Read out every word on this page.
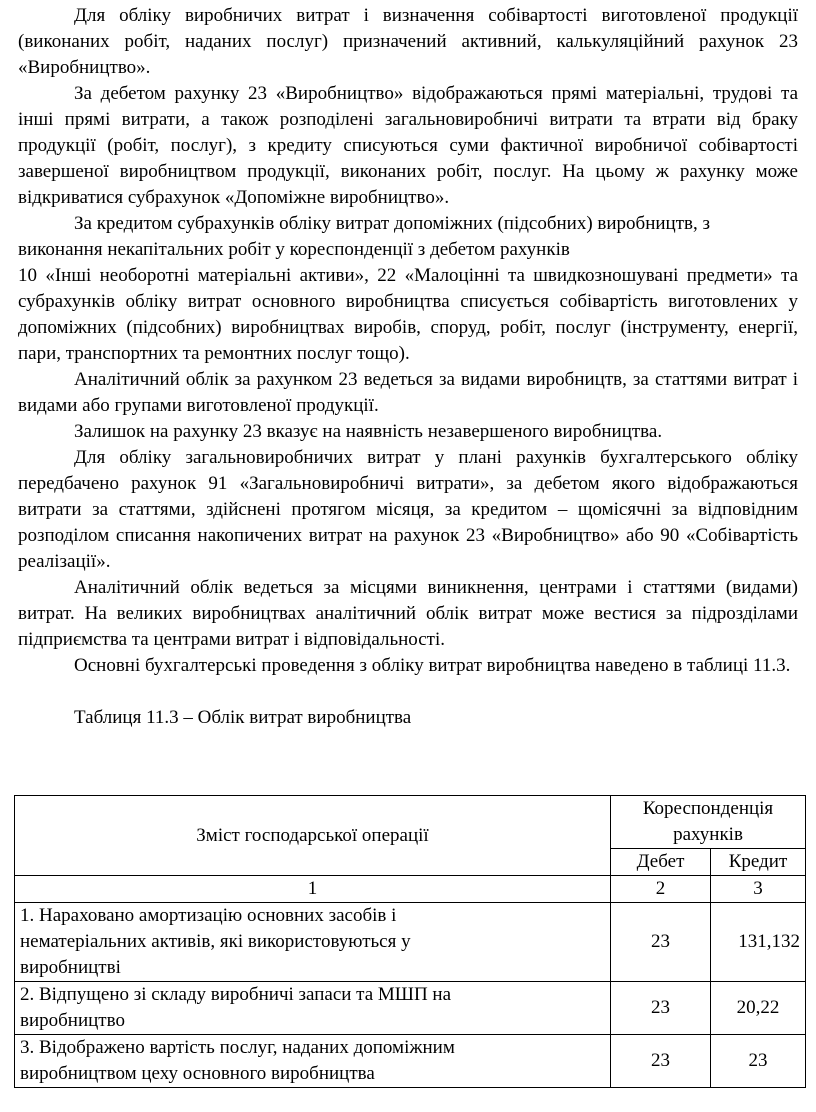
Для обліку виробничих витрат і визначення собівартості виготовленої продукції (виконаних робіт, наданих послуг) призначений активний, калькуляційний рахунок 23 «Виробництво».

За дебетом рахунку 23 «Виробництво» відображаються прямі матеріальні, трудові та інші прямі витрати, а також розподілені загальновиробничі витрати та втрати від браку продукції (робіт, послуг), з кредиту списуються суми фактичної виробничої собівартості завершеної виробництвом продукції, виконаних робіт, послуг. На цьому ж рахунку може відкриватися субрахунок «Допоміжне виробництво».

За кредитом субрахунків обліку витрат допоміжних (підсобних) виробництв, з виконання некапітальних робіт у кореспонденції з дебетом рахунків

10 «Інші необоротні матеріальні активи», 22 «Малоцінні та швидкозношувані предмети» та субрахунків обліку витрат основного виробництва списується собівартість виготовлених у допоміжних (підсобних) виробництвах виробів, споруд, робіт, послуг (інструменту, енергії, пари, транспортних та ремонтних послуг тощо).

Аналітичний облік за рахунком 23 ведеться за видами виробництв, за статтями витрат і видами або групами виготовленої продукції.

Залишок на рахунку 23 вказує на наявність незавершеного виробництва.

Для обліку загальновиробничих витрат у плані рахунків бухгалтерського обліку передбачено рахунок 91 «Загальновиробничі витрати», за дебетом якого відображаються витрати за статтями, здійснені протягом місяця, за кредитом – щомісячні за відповідним розподілом списання накопичених витрат на рахунок 23 «Виробництво» або 90 «Собівартість реалізації».

Аналітичний облік ведеться за місцями виникнення, центрами і статтями (видами) витрат. На великих виробництвах аналітичний облік витрат може вестися за підрозділами підприємства та центрами витрат і відповідальності.

Основні бухгалтерські проведення з обліку витрат виробництва наведено в таблиці 11.3.

Таблиця 11.3 – Облік витрат виробництва

Зміст господарської операції	Кореспонденція рахунків	
	Дебет	Кредит
1	2	3
1. Нараховано амортизацію основних засобів і нематеріальних активів, які використовуються у виробництві	23	131,132
2. Відпущено зі складу виробничі запаси та МШП на виробництво	23	20,22
3. Відображено вартість послуг, наданих допоміжним виробництвом цеху основного виробництва	23	23
